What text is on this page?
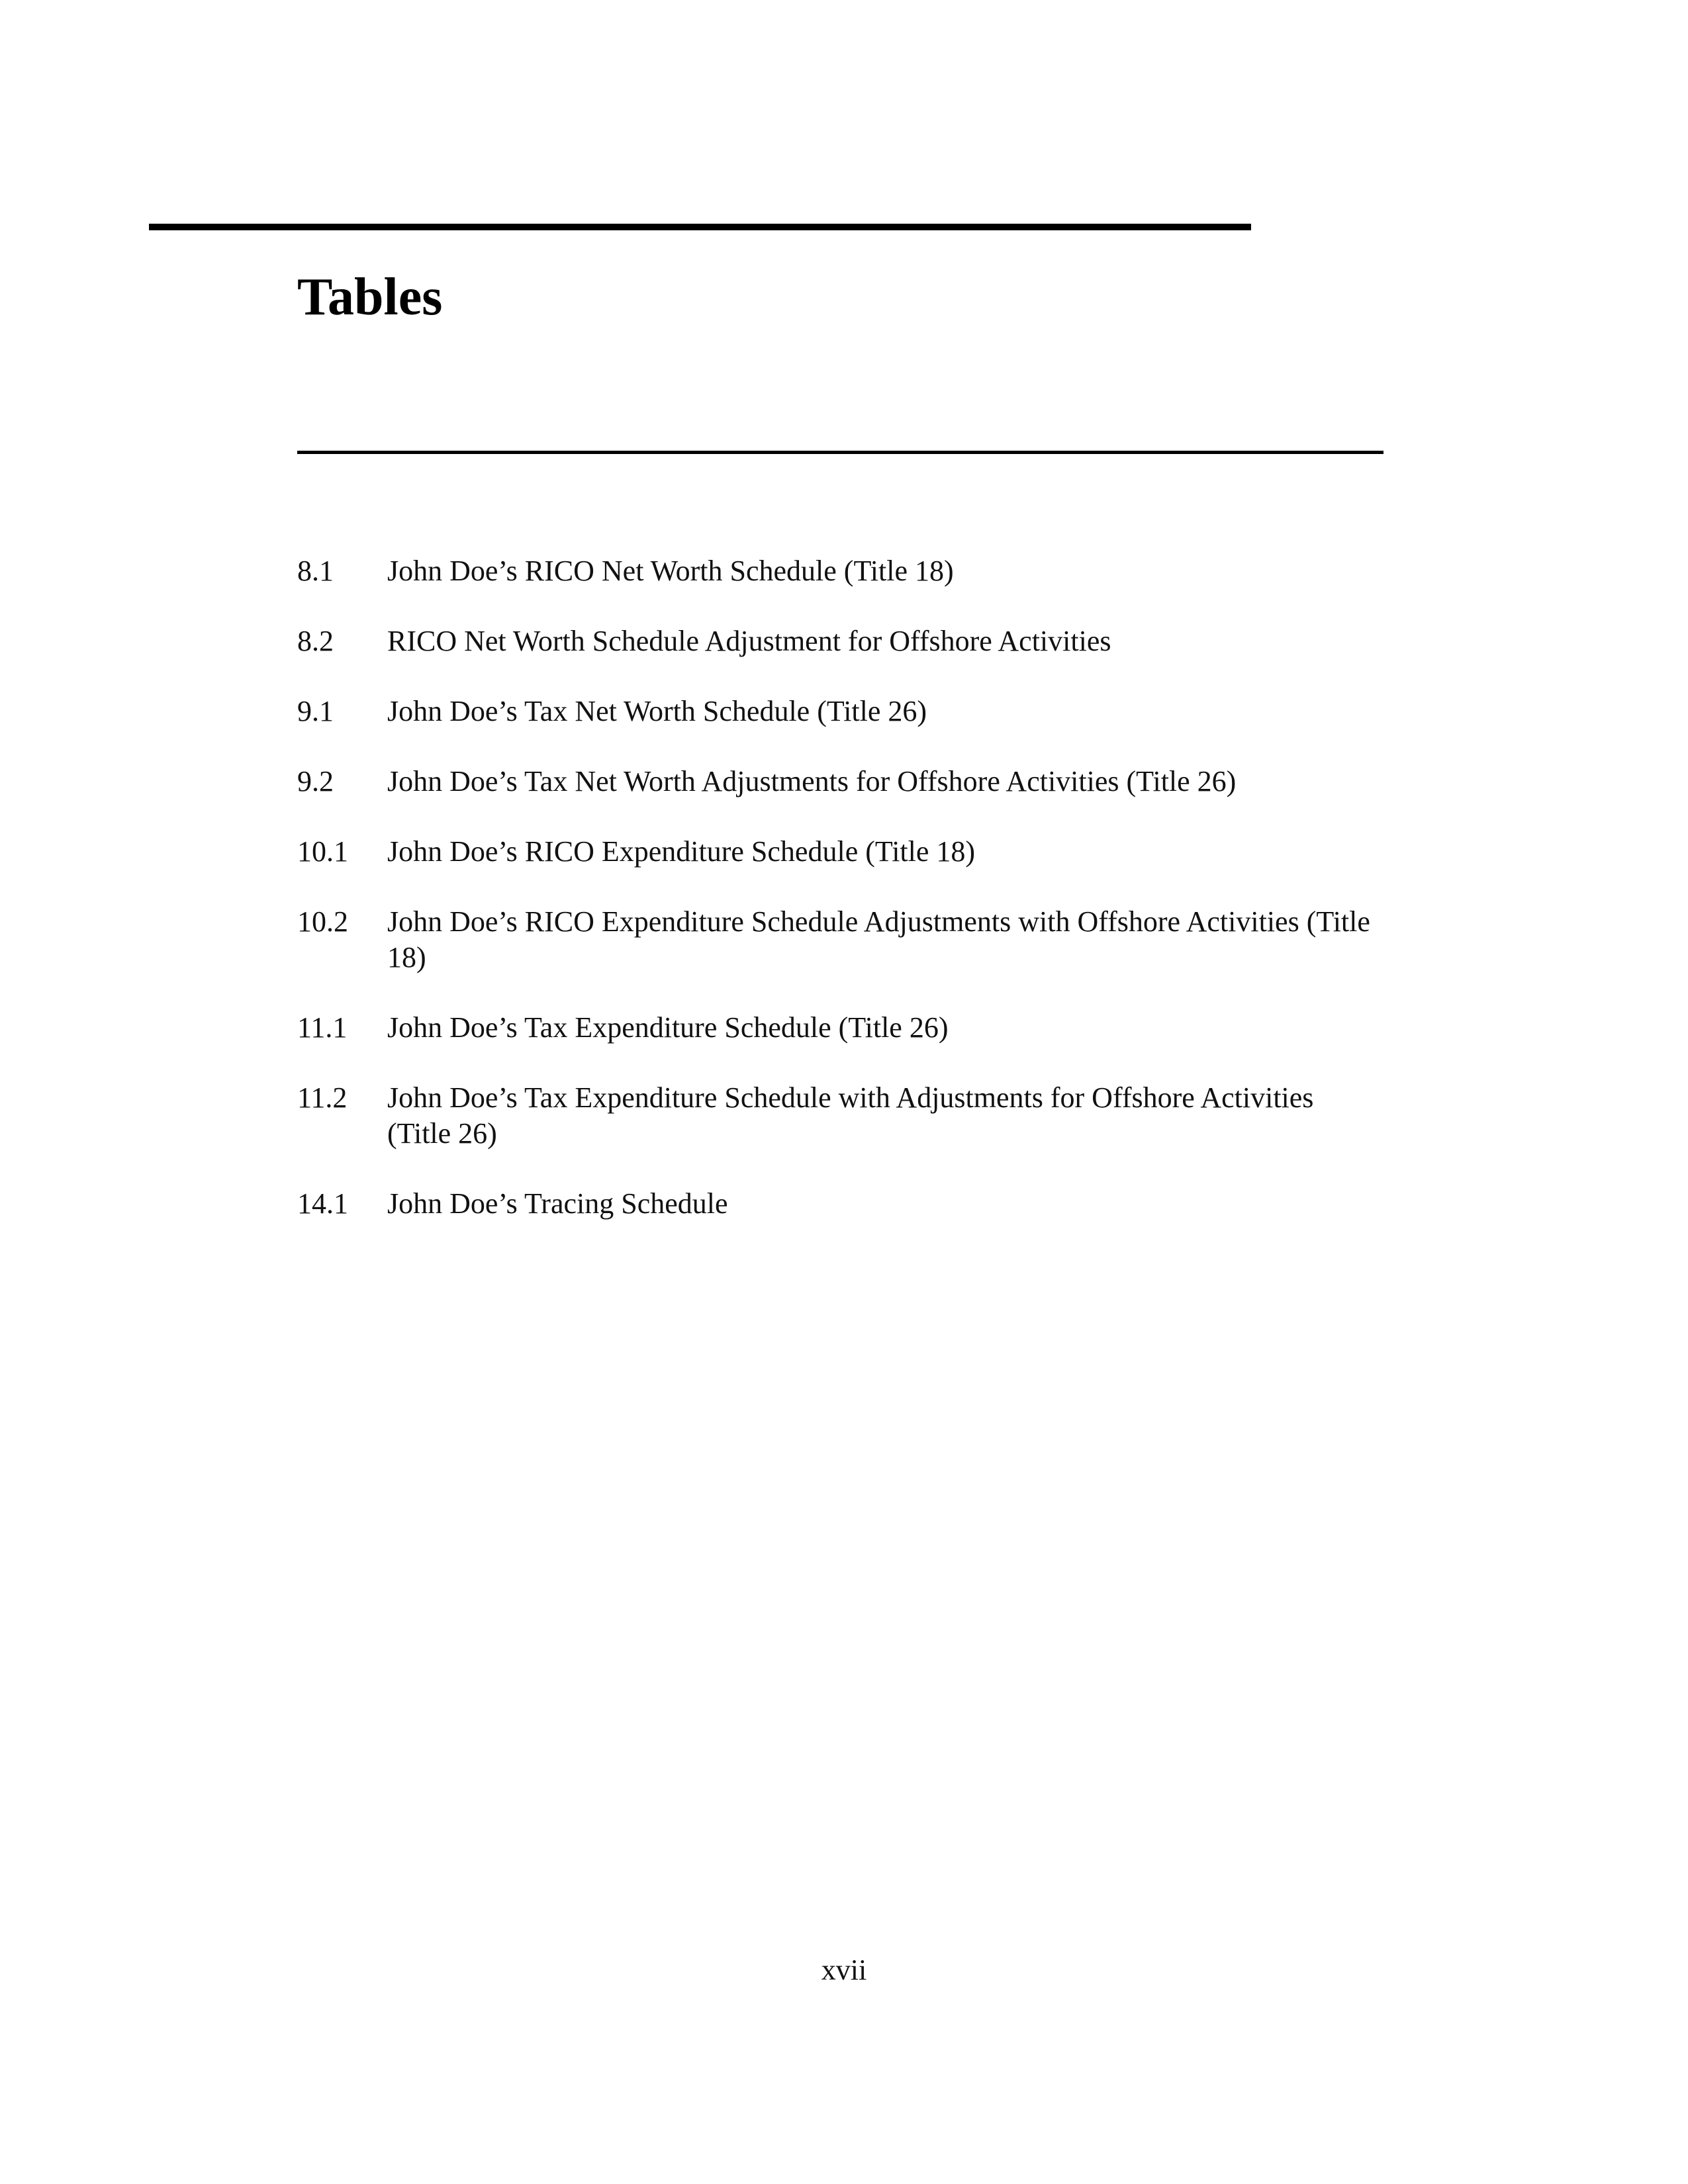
Tables
8.1	John Doe’s RICO Net Worth Schedule (Title 18)
8.2	RICO Net Worth Schedule Adjustment for Offshore Activities
9.1	John Doe’s Tax Net Worth Schedule (Title 26)
9.2	John Doe’s Tax Net Worth Adjustments for Offshore Activities (Title 26)
10.1	John Doe’s RICO Expenditure Schedule (Title 18)
10.2	John Doe’s RICO Expenditure Schedule Adjustments with Offshore Activities (Title 18)
11.1	John Doe’s Tax Expenditure Schedule (Title 26)
11.2	John Doe’s Tax Expenditure Schedule with Adjustments for Offshore Activities (Title 26)
14.1	John Doe’s Tracing Schedule
xvii
